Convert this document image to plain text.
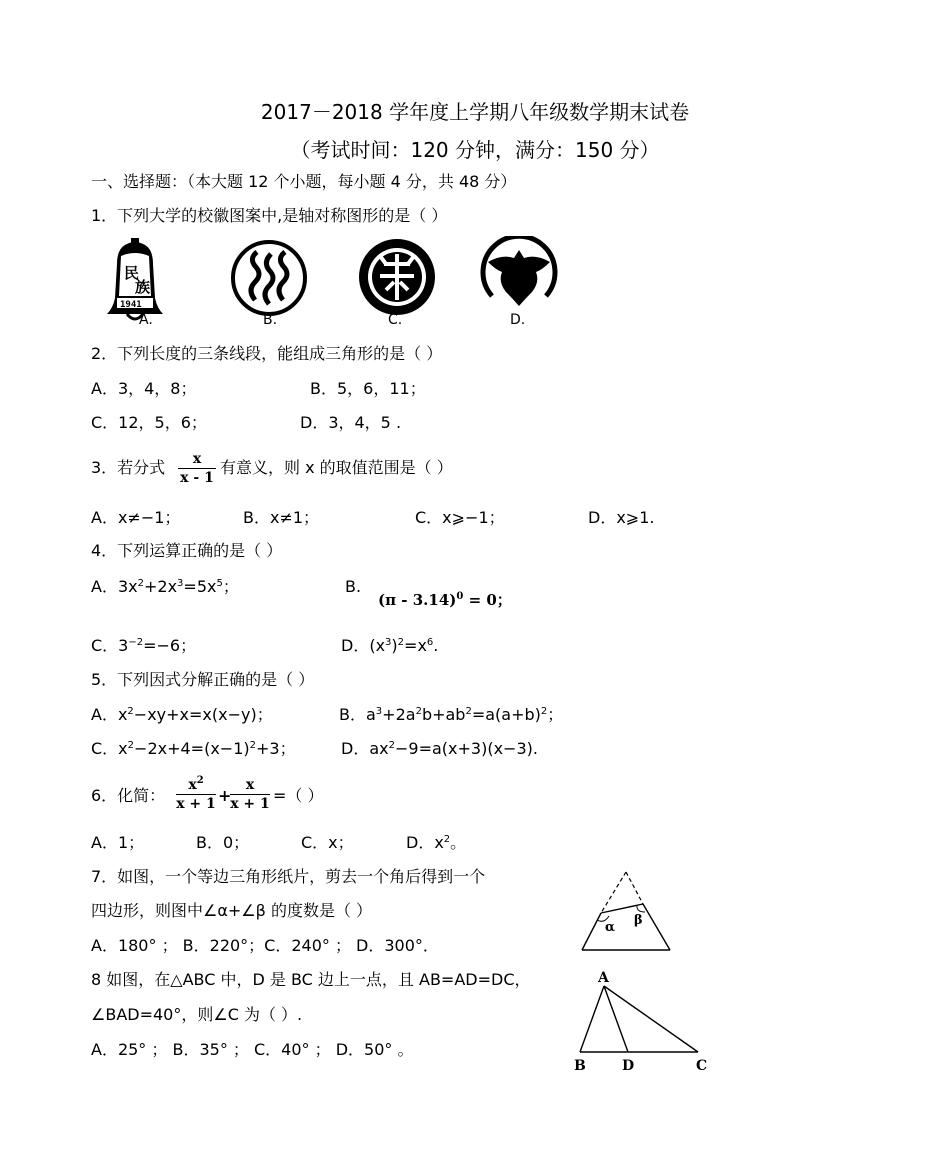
2017－2018 学年度上学期八年级数学期末试卷
（考试时间：120 分钟，满分：150 分）
一、选择题：（本大题 12 个小题，每小题 4 分，共 48 分）
1．下列大学的校徽图案中,是轴对称图形的是（ ）
民
族
1941
A.	B.	C.	D.
2．下列长度的三条线段，能组成三角形的是（ ）
A．3，4，8；	B．5，6，11；
C．12，5，6；	D．3，4，5 .
3．若分式	x
x - 1
有意义，则 x 的取值范围是（ ）
A．x≠−1；	B．x≠1；	C．x⩾−1；	D．x⩾1.
4．下列运算正确的是（ ）
A．$3x^2+2x^3=5x^5$；	B.
(π - 3.14)$^0$ = 0；
C．$3^{-2}=-6$；	D．$(x^3)^2=x^6$.
5．下列因式分解正确的是（ ）
A．$x^2-xy+x=x(x-y)$；	B．$a^3+2a^2b+ab^2=a(a+b)^2$；
C．$x^2-2x+4=(x-1)^2+3$；	D．$ax^2-9=a(x+3)(x-3)$.
6．化简：
$x^2$
x + 1 +
x
x + 1 =（ ）
A．1；	B．0；	C．x；	D．$x^2$。
7．如图，一个等边三角形纸片，剪去一个角后得到一个
四边形，则图中∠α+∠β 的度数是（ ）
A．180° ； B．220°；C．240° ； D．300°．
α β
8 如图，在△ABC 中，D 是 BC 边上一点，且 AB=AD=DC，
∠BAD=40°，则∠C 为（ ）.
A．25° ； B．35° ； C．40° ； D．50° 。
A
B	D	C
